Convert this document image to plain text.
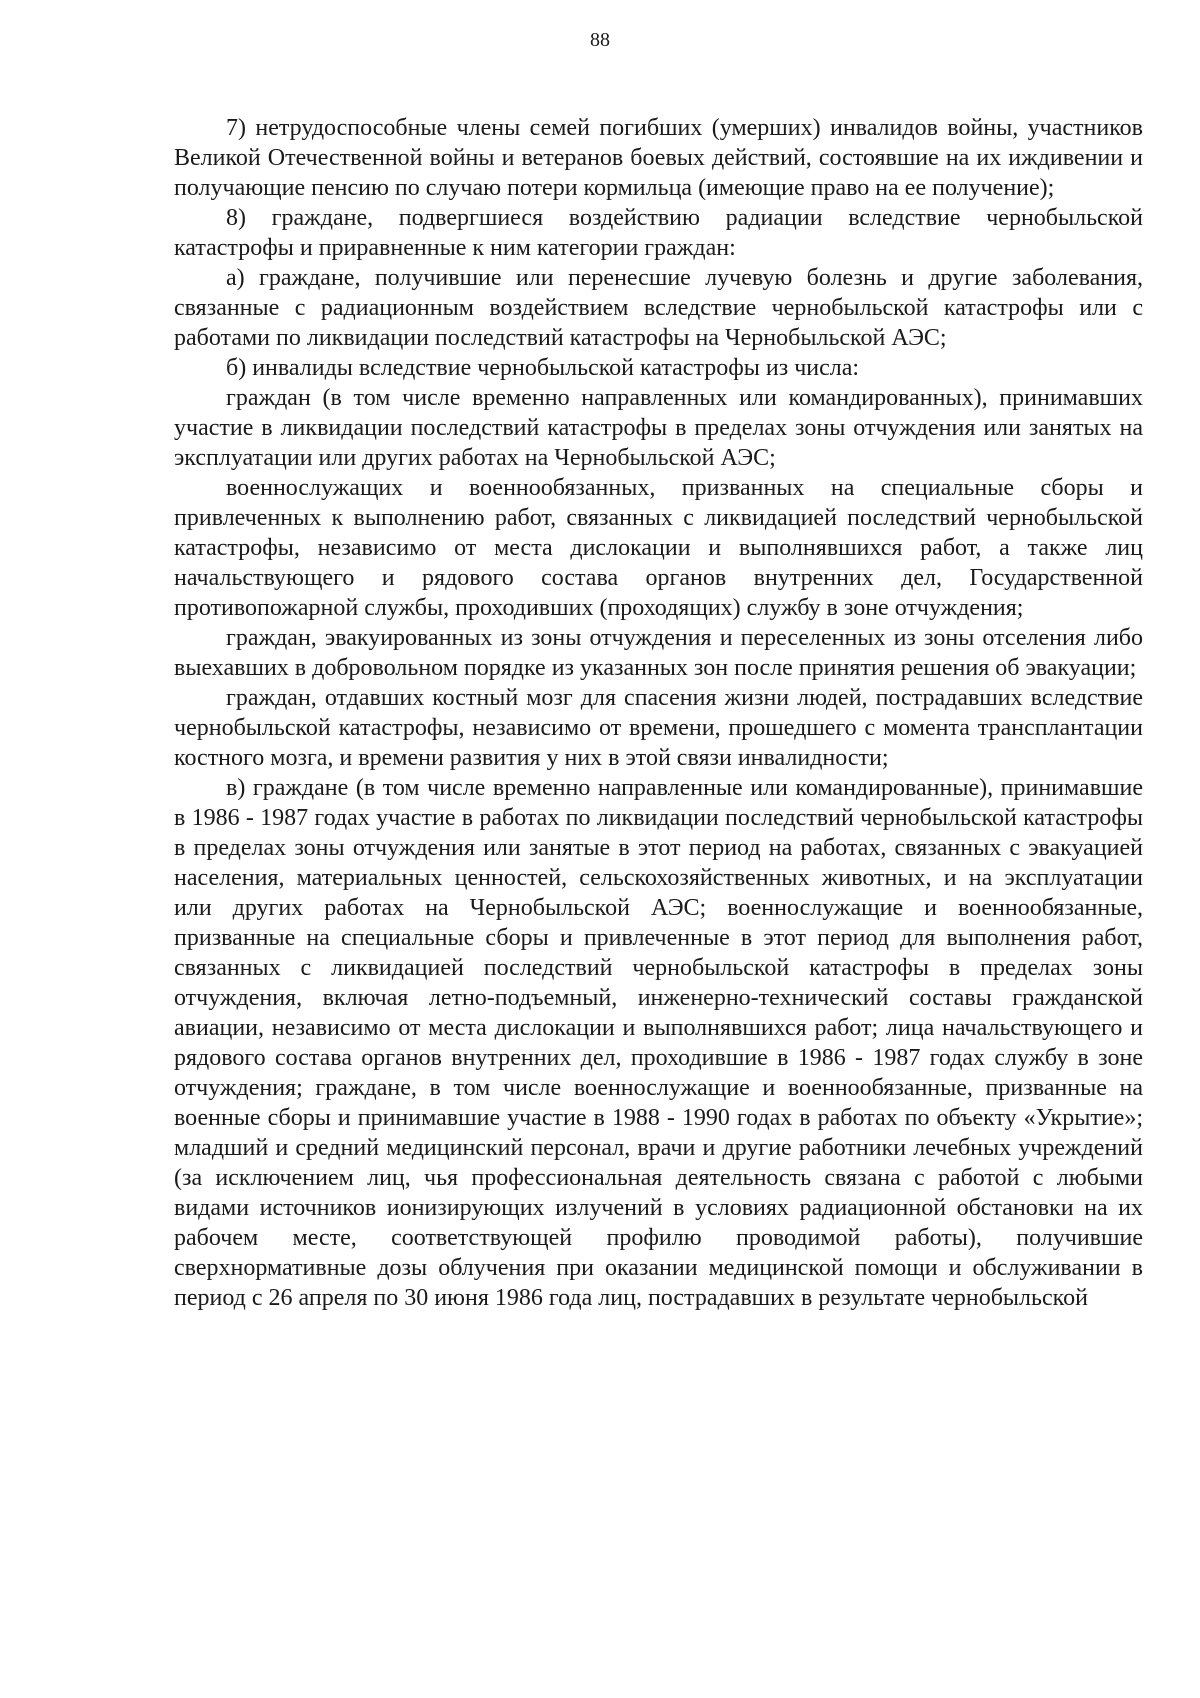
88

7) нетрудоспособные члены семей погибших (умерших) инвалидов войны, участников Великой Отечественной войны и ветеранов боевых действий, состоявшие на их иждивении и получающие пенсию по случаю потери кормильца (имеющие право на ее получение);

8) граждане, подвергшиеся воздействию радиации вследствие чернобыльской катастрофы и приравненные к ним категории граждан:

а) граждане, получившие или перенесшие лучевую болезнь и другие заболевания, связанные с радиационным воздействием вследствие чернобыльской катастрофы или с работами по ликвидации последствий катастрофы на Чернобыльской АЭС;

б) инвалиды вследствие чернобыльской катастрофы из числа:

граждан (в том числе временно направленных или командированных), принимавших участие в ликвидации последствий катастрофы в пределах зоны отчуждения или занятых на эксплуатации или других работах на Чернобыльской АЭС;

военнослужащих и военнообязанных, призванных на специальные сборы и привлеченных к выполнению работ, связанных с ликвидацией последствий чернобыльской катастрофы, независимо от места дислокации и выполнявшихся работ, а также лиц начальствующего и рядового состава органов внутренних дел, Государственной противопожарной службы, проходивших (проходящих) службу в зоне отчуждения;

граждан, эвакуированных из зоны отчуждения и переселенных из зоны отселения либо выехавших в добровольном порядке из указанных зон после принятия решения об эвакуации;

граждан, отдавших костный мозг для спасения жизни людей, пострадавших вследствие чернобыльской катастрофы, независимо от времени, прошедшего с момента трансплантации костного мозга, и времени развития у них в этой связи инвалидности;

в) граждане (в том числе временно направленные или командированные), принимавшие в 1986 - 1987 годах участие в работах по ликвидации последствий чернобыльской катастрофы в пределах зоны отчуждения или занятые в этот период на работах, связанных с эвакуацией населения, материальных ценностей, сельскохозяйственных животных, и на эксплуатации или других работах на Чернобыльской АЭС; военнослужащие и военнообязанные, призванные на специальные сборы и привлеченные в этот период для выполнения работ, связанных с ликвидацией последствий чернобыльской катастрофы в пределах зоны отчуждения, включая летно-подъемный, инженерно-технический составы гражданской авиации, независимо от места дислокации и выполнявшихся работ; лица начальствующего и рядового состава органов внутренних дел, проходившие в 1986 - 1987 годах службу в зоне отчуждения; граждане, в том числе военнослужащие и военнообязанные, призванные на военные сборы и принимавшие участие в 1988 - 1990 годах в работах по объекту «Укрытие»; младший и средний медицинский персонал, врачи и другие работники лечебных учреждений (за исключением лиц, чья профессиональная деятельность связана с работой с любыми видами источников ионизирующих излучений в условиях радиационной обстановки на их рабочем месте, соответствующей профилю проводимой работы), получившие сверхнормативные дозы облучения при оказании медицинской помощи и обслуживании в период с 26 апреля по 30 июня 1986 года лиц, пострадавших в результате чернобыльской
